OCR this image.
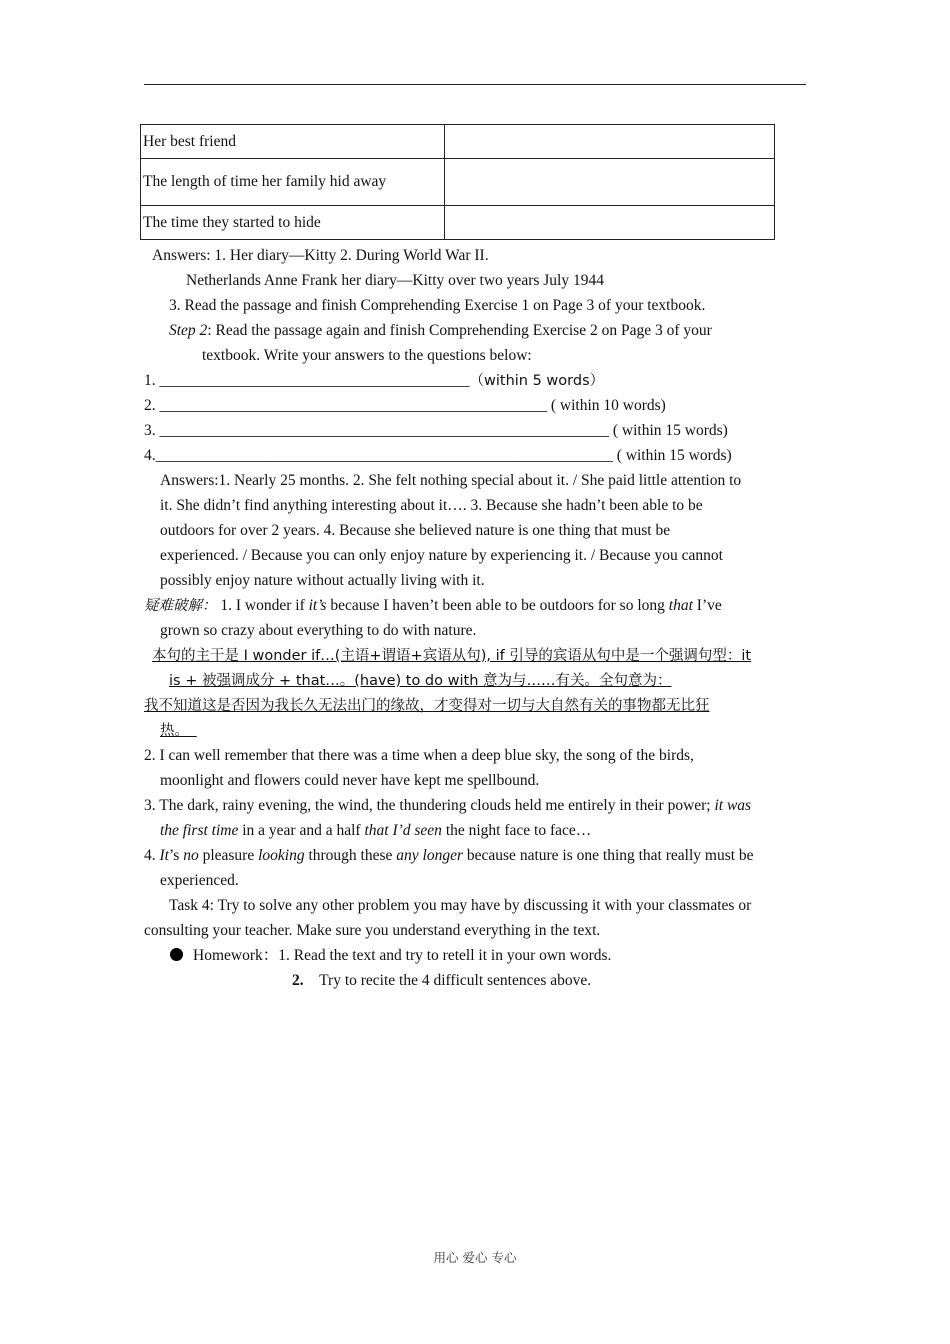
Her best friend	
The length of time her family hid away	
The time they started to hide	
Answers: 1. Her diary—Kitty 2. During World War II.
Netherlands Anne Frank her diary—Kitty over two years July 1944
3. Read the passage and finish Comprehending Exercise 1 on Page 3 of your textbook.
Step 2: Read the passage again and finish Comprehending Exercise 2 on Page 3 of your
textbook. Write your answers to the questions below:
1. ________________________________________（within 5 words）
2. __________________________________________________ ( within 10 words)
3. __________________________________________________________ ( within 15 words)
4.___________________________________________________________ ( within 15 words)
Answers:1. Nearly 25 months. 2. She felt nothing special about it. / She paid little attention to
it. She didn’t find anything interesting about it…. 3. Because she hadn’t been able to be
outdoors for over 2 years. 4. Because she believed nature is one thing that must be
experienced. / Because you can only enjoy nature by experiencing it. / Because you cannot
possibly enjoy nature without actually living with it.
疑难破解： 1. I wonder if it’s because I haven’t been able to be outdoors for so long that I’ve
grown so crazy about everything to do with nature.
本句的主干是 I wonder if…(主语+谓语+宾语从句), if 引导的宾语从句中是一个强调句型：it
is + 被强调成分 + that…。(have) to do with 意为与……有关。全句意为：
我不知道这是否因为我长久无法出门的缘故，才变得对一切与大自然有关的事物都无比狂
热。
2. I can well remember that there was a time when a deep blue sky, the song of the birds,
moonlight and flowers could never have kept me spellbound.
3. The dark, rainy evening, the wind, the thundering clouds held me entirely in their power; it was
the first time in a year and a half that I’d seen the night face to face…
4. It’s no pleasure looking through these any longer because nature is one thing that really must be
experienced.
Task 4: Try to solve any other problem you may have by discussing it with your classmates or
consulting your teacher. Make sure you understand everything in the text.
Homework：1. Read the text and try to retell it in your own words.
2. Try to recite the 4 difficult sentences above.
用心 爱心 专心
